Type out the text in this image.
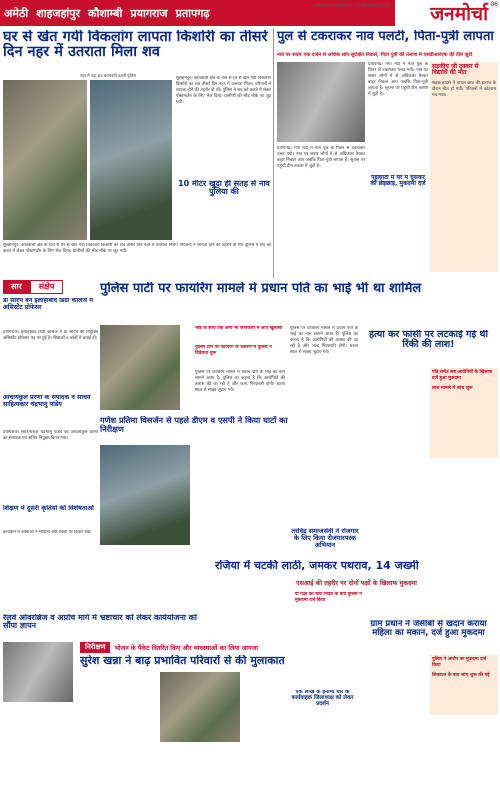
अमेठी शाहजहांपुर कौशाम्बी प्रयागराज प्रतापगढ़
लखनऊ • रविवार • 17 दिसम्बर 2025 जनमोर्चा 06
घर से खेत गयी विकलांग लापता किशोरी का तीसरे दिन नहर में उतराता मिला शव
नहर में पड़ा शव बरामदगी करती पुलिस
सुल्तानपुर। कोतवाली क्षेत्र के गांव से घर से खेत गयी विकलांग किशोरी का शव तीसरे दिन नहर में उतराता मिला। परिजनों ने लापता होने की तहरीर दी थी। पुलिस ने शव को कब्जे में लेकर पोस्टमार्टम के लिए भेज दिया। ग्रामीणों की भीड़ मौके पर जुट गयी।
सुल्तानपुर। कोतवाली क्षेत्र के गांव से घर से खेत गयी विकलांग किशोरी का शव तीसरे दिन नहर में उतराता मिला। परिजनों ने लापता होने की तहरीर दी थी। पुलिस ने शव को कब्जे में लेकर पोस्टमार्टम के लिए भेज दिया। ग्रामीणों की भीड़ मौके पर जुट गयी।
10 मीटर खुदा ही सतह से नाव पुलिया की
पुल से टकराकर नाव पलटी, पिता-पुत्री लापता
नाव पर सवार एक दर्जन से अधिक लोग सुरक्षित निकले, पिता पुत्री की तलाश में एसडीआरएफ की टीम जुटी
प्रतापगढ़। गंगा नदी में नाव पुल के पिलर से टकराकर पलट गयी। नाव पर सवार लोगों में से अधिकांश तैरकर बाहर निकल आए जबकि पिता-पुत्री लापता हैं। सूचना पर पहुंची टीम तलाश में जुटी है।
प्रतापगढ़। गंगा नदी में नाव पुल के पिलर से टकराकर पलट गयी। नाव पर सवार लोगों में से अधिकांश तैरकर बाहर निकल आए जबकि पिता-पुत्री लापता हैं। सूचना पर पहुंची टीम तलाश में जुटी है।
सड़कीय जी टक्कर से विद्यार्थि की मौत
सड़क हादसे में घायल छात्र की इलाज के दौरान मौत हो गयी। परिजनों में कोहराम मच गया।
पट्टीघाटी में घर में घुसकर की छेड़छाड़, मुकदमा दर्ज
सार	संक्षेप	पुलिस पार्टी पर फायरिंग मामले में प्रधान पति का भाई भी था शामिल
भाई के साथ एक अन्य भी जानकारी में आए खुलासा
पुलिस टीम पर फायरिंग के प्रकरण में पुलिस ने विवेचना शुरू
पुलिस पर फायरिंग मामले में प्रधान पति के भाई का नाम सामने आया है। पुलिस का कहना है कि आरोपियों की तलाश की जा रही है और जल्द गिरफ्तारी होगी। घटना स्थल से साक्ष्य जुटाए गये।
पुलिस पर फायरिंग मामले में प्रधान पति के भाई का नाम सामने आया है। पुलिस का कहना है कि आरोपियों की तलाश की जा रही है और जल्द गिरफ्तारी होगी। घटना स्थल से साक्ष्य जुटाए गये।
डॉ सौरभ बने इलाहाबाद डिग्री कॉलेज में असिस्टेंट प्रोफेसर
प्रयागराज। इलाहाबाद डिग्री कॉलेज में डॉ सौरभ की नियुक्ति असिस्टेंट प्रोफेसर पद पर हुई है। शिक्षकों व छात्रों ने बधाई दी।
आचार्यकुल प्रेरणा के संपादक व सचिव साहित्यकार चंद्रभानु पांडेय
प्रयागराज। साहित्यकार चंद्रभानु पांडेय को आचार्यकुल प्रेरणा का संपादक एवं सचिव नियुक्त किया गया।
शिक्षण में दूसरी कृतियों की विशेषताओं
कार्यक्रम में वक्ताओं ने साहित्य और शिक्षा पर विचार रखे।
गणेश प्रतिमा विसर्जन से पहले डीएम व एसपी ने किया घाटों का निरीक्षण
तरविंद्र समाजसेवी ने रोजगार के लिए किया रोजगारपरक अभियान
हत्या कर फांसी पर लटकाई गई थी रिंकी की लाश!
पति समेत सब आरोपियों के खिलाफ दर्ज हुआ मुकदमा
लाश मामले में जांच शुरू
रजिया में चटकी लाठी, जमकर पथराव, 14 जख्मी
एसआई की तहरीर पर दोनों पक्षों के खिलाफ मुकदमा
दो पक्षों की बीच भिड़ंत के बाद पुलिस ने मुकदमा दर्ज किया
रेलवे ओवरब्रिज व अप्रोच मार्ग में भ्रष्टाचार को लेकर कार्ययोजना को सौंपा ज्ञापन
निरीक्षण	भोजन के पैकेट वितरित किए और व्यवस्थाओं का लिया जायजा
सुरेश खन्ना ने बाढ़ प्रभावित परिवारों से की मुलाकात
एक लाख के इनामी चार के कार्यवाहक जिलाध्यक्ष को लेकर प्रदर्शन
ग्राम प्रधान ने जेसीबी से खदान कराया महिला का मकान, दर्ज हुआ मुकदमा
पुलिस ने आरोप का मुकदमा दर्ज किया
शिकायत के बाद जांच शुरू की गई
